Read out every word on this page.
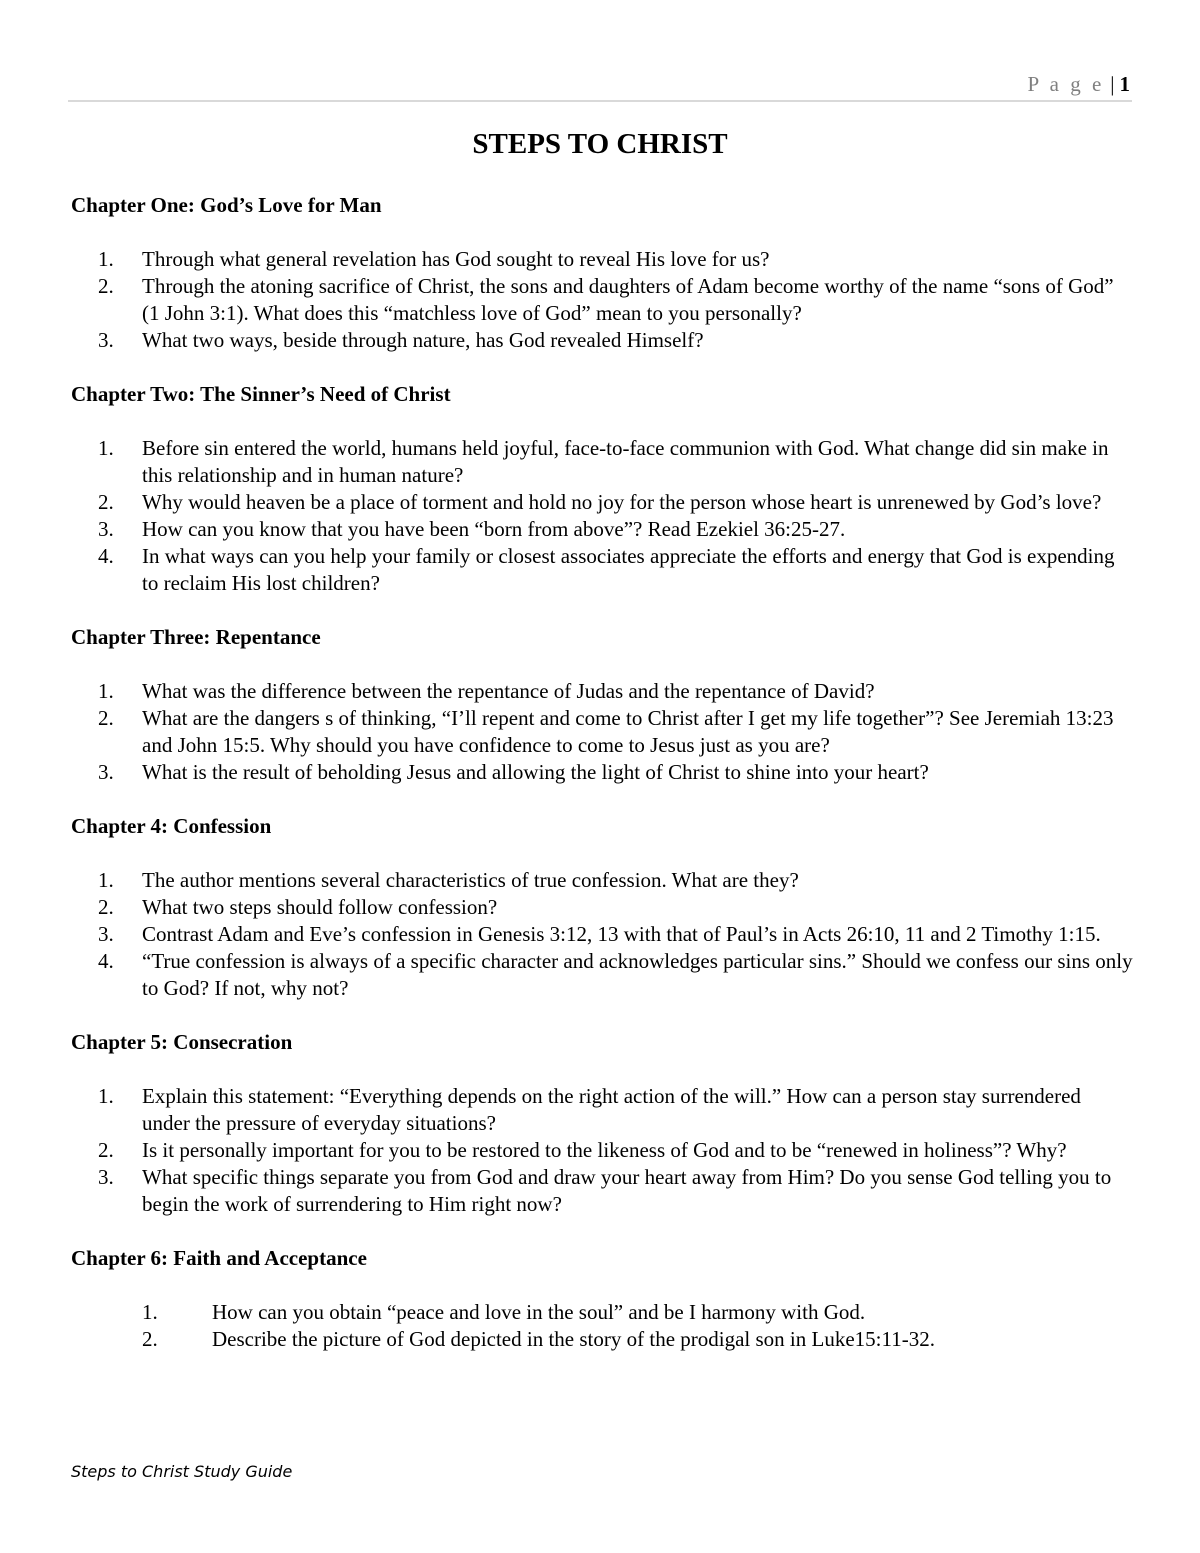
P a g e |1
STEPS TO CHRIST
Chapter One: God’s Love for Man
1.	Through what general revelation has God sought to reveal His love for us?
2.	Through the atoning sacrifice of Christ, the sons and daughters of Adam become worthy of the name “sons of God” (1 John 3:1). What does this “matchless love of God” mean to you personally?
3.	What two ways, beside through nature, has God revealed Himself?
Chapter Two: The Sinner’s Need of Christ
1.	Before sin entered the world, humans held joyful, face-to-face communion with God. What change did sin make in this relationship and in human nature?
2.	Why would heaven be a place of torment and hold no joy for the person whose heart is unrenewed by God’s love?
3.	How can you know that you have been “born from above”? Read Ezekiel 36:25-27.
4.	In what ways can you help your family or closest associates appreciate the efforts and energy that God is expending to reclaim His lost children?
Chapter Three: Repentance
1.	What was the difference between the repentance of Judas and the repentance of David?
2.	What are the dangers s of thinking, “I’ll repent and come to Christ after I get my life together”? See Jeremiah 13:23 and John 15:5. Why should you have confidence to come to Jesus just as you are?
3.	What is the result of beholding Jesus and allowing the light of Christ to shine into your heart?
Chapter 4: Confession
1.	The author mentions several characteristics of true confession. What are they?
2.	What two steps should follow confession?
3.	Contrast Adam and Eve’s confession in Genesis 3:12, 13 with that of Paul’s in Acts 26:10, 11 and 2 Timothy 1:15.
4.	“True confession is always of a specific character and acknowledges particular sins.” Should we confess our sins only to God? If not, why not?
Chapter 5: Consecration
1.	Explain this statement: “Everything depends on the right action of the will.” How can a person stay surrendered under the pressure of everyday situations?
2.	Is it personally important for you to be restored to the likeness of God and to be “renewed in holiness”? Why?
3.	What specific things separate you from God and draw your heart away from Him? Do you sense God telling you to begin the work of surrendering to Him right now?
Chapter 6: Faith and Acceptance
1.	How can you obtain “peace and love in the soul” and be I harmony with God.
2.	Describe the picture of God depicted in the story of the prodigal son in Luke15:11-32.
Steps to Christ Study Guide
